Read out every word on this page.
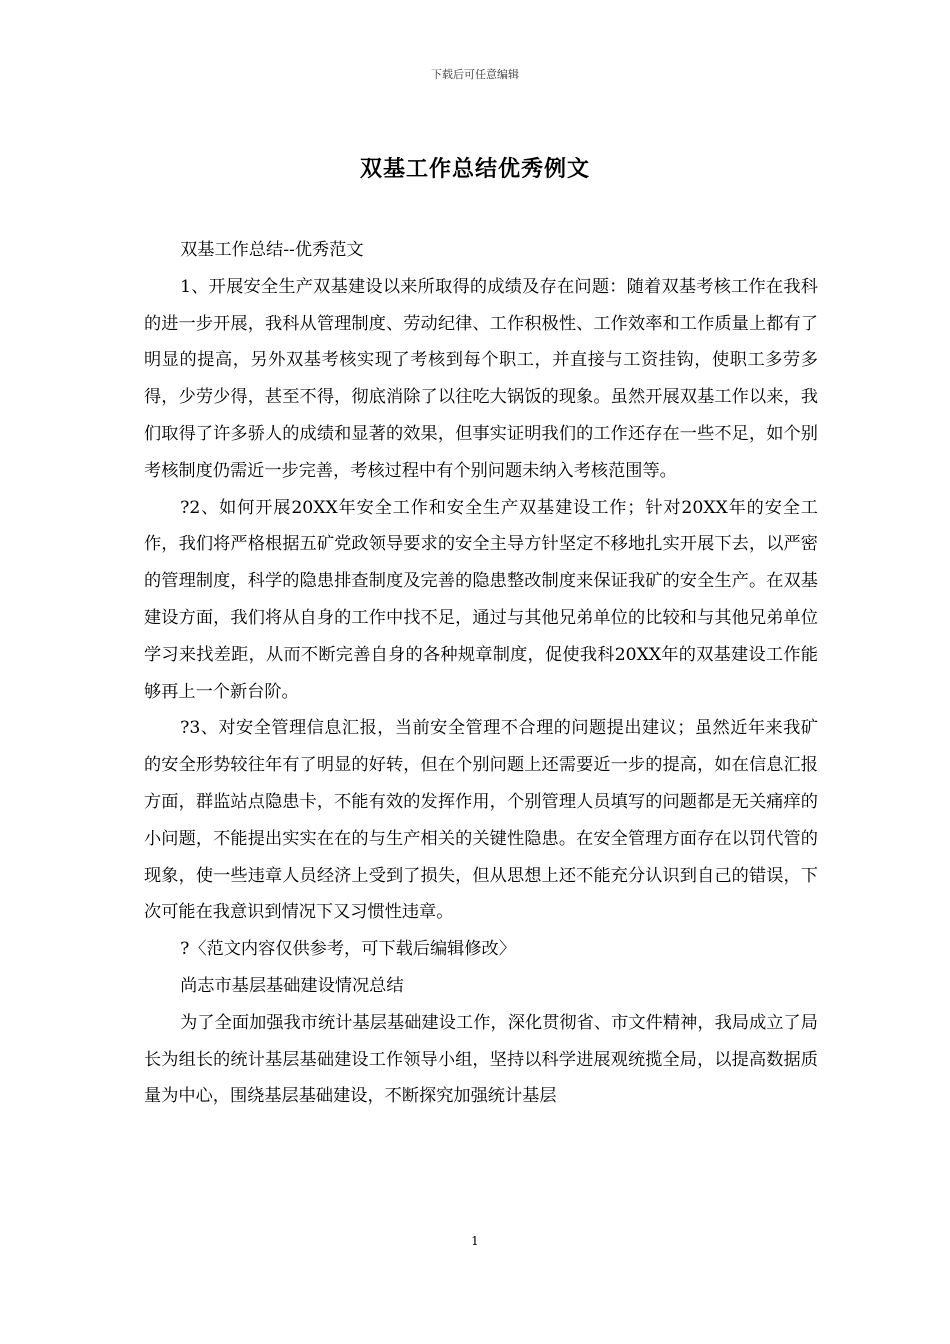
下载后可任意编辑
双基工作总结优秀例文

双基工作总结--优秀范文

1、开展安全生产双基建设以来所取得的成绩及存在问题：随着双基考核工作在我科的进一步开展，我科从管理制度、劳动纪律、工作积极性、工作效率和工作质量上都有了明显的提高，另外双基考核实现了考核到每个职工，并直接与工资挂钩，使职工多劳多得，少劳少得，甚至不得，彻底消除了以往吃大锅饭的现象。虽然开展双基工作以来，我们取得了许多骄人的成绩和显著的效果，但事实证明我们的工作还存在一些不足，如个别考核制度仍需近一步完善，考核过程中有个别问题未纳入考核范围等。

?2、如何开展20XX年安全工作和安全生产双基建设工作；针对20XX年的安全工作，我们将严格根据五矿党政领导要求的安全主导方针坚定不移地扎实开展下去，以严密的管理制度，科学的隐患排查制度及完善的隐患整改制度来保证我矿的安全生产。在双基建设方面，我们将从自身的工作中找不足，通过与其他兄弟单位的比较和与其他兄弟单位学习来找差距，从而不断完善自身的各种规章制度，促使我科20XX年的双基建设工作能够再上一个新台阶。

?3、对安全管理信息汇报，当前安全管理不合理的问题提出建议；虽然近年来我矿的安全形势较往年有了明显的好转，但在个别问题上还需要近一步的提高，如在信息汇报方面，群监站点隐患卡，不能有效的发挥作用，个别管理人员填写的问题都是无关痛痒的小问题，不能提出实实在在的与生产相关的关键性隐患。在安全管理方面存在以罚代管的现象，使一些违章人员经济上受到了损失，但从思想上还不能充分认识到自己的错误，下次可能在我意识到情况下又习惯性违章。

?〈范文内容仅供参考，可下载后编辑修改〉

尚志市基层基础建设情况总结

为了全面加强我市统计基层基础建设工作，深化贯彻省、市文件精神，我局成立了局长为组长的统计基层基础建设工作领导小组，坚持以科学进展观统揽全局，以提高数据质量为中心，围绕基层基础建设，不断探究加强统计基层

1
